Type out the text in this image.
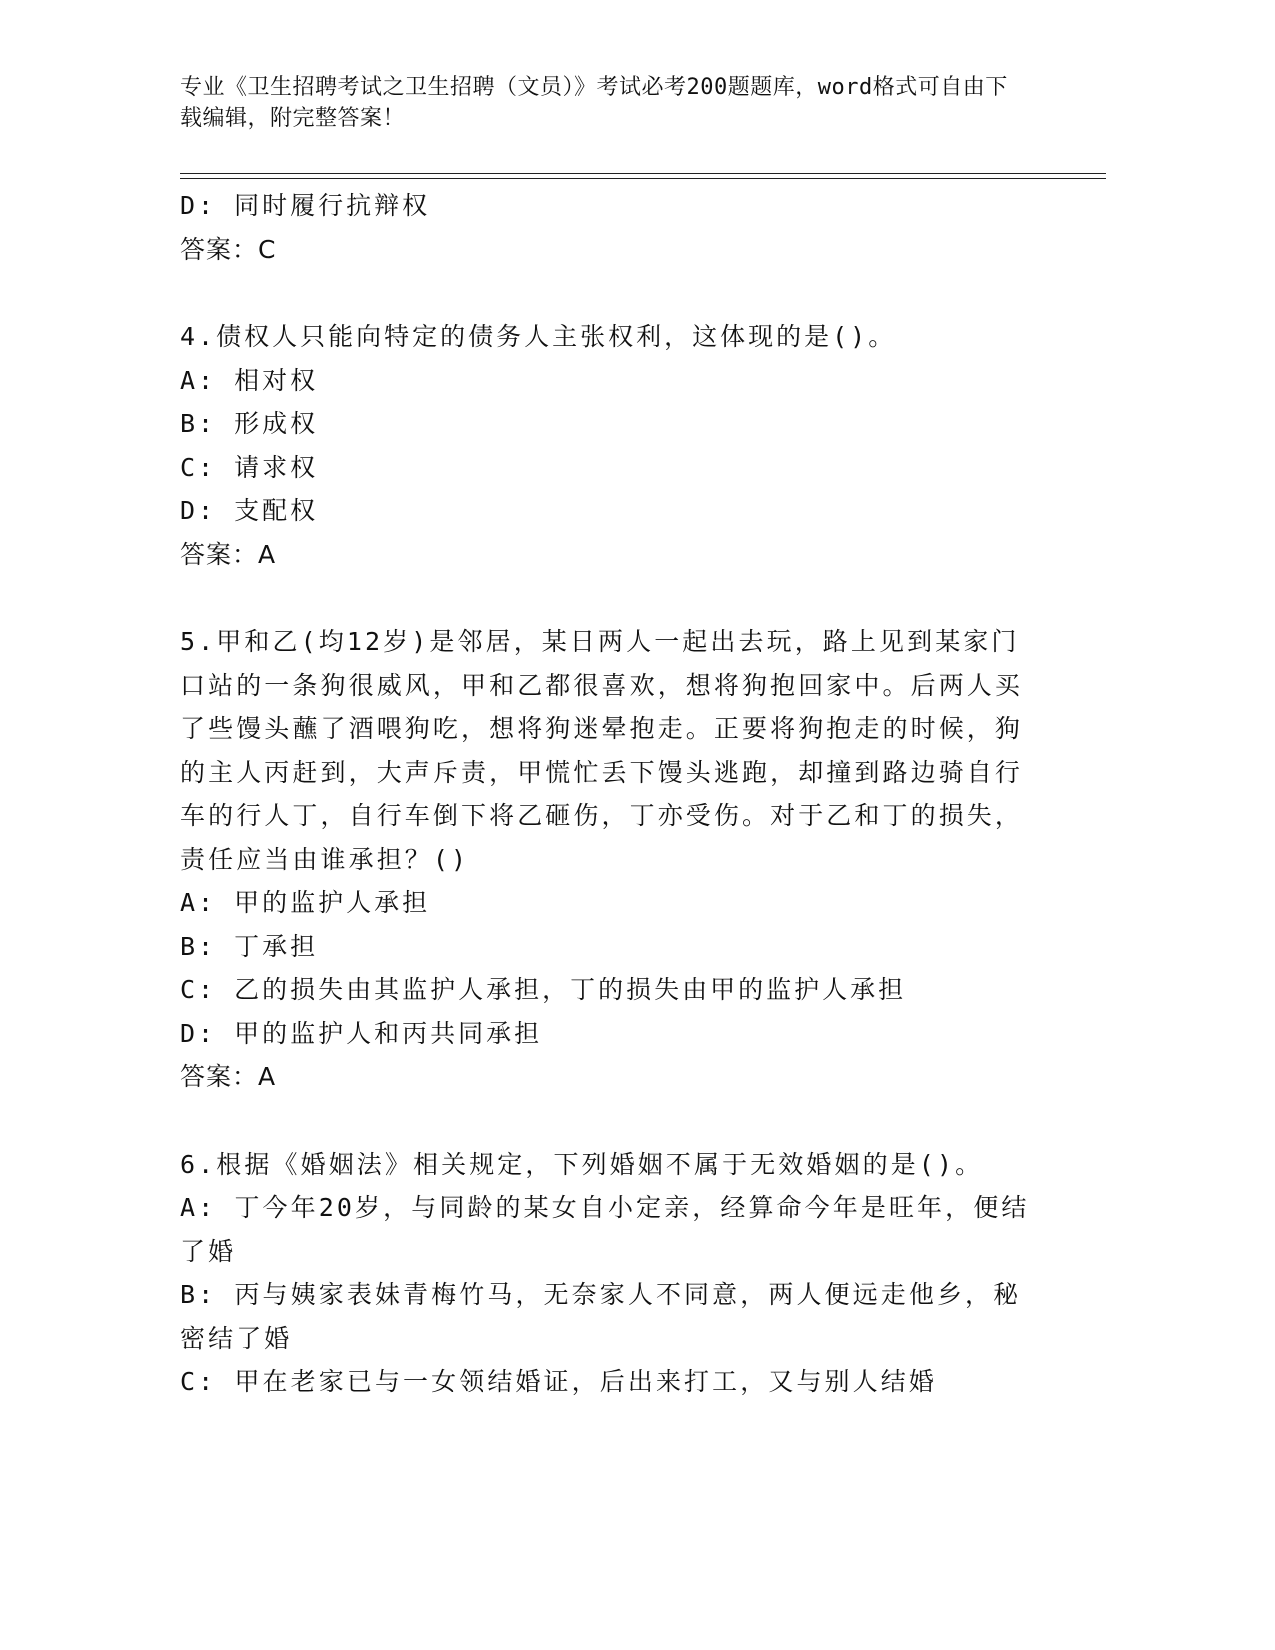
专业《卫生招聘考试之卫生招聘（文员）》考试必考200题题库，word格式可自由下载编辑，附完整答案！
D: 同时履行抗辩权
答案：C
4.债权人只能向特定的债务人主张权利，这体现的是()。
A: 相对权
B: 形成权
C: 请求权
D: 支配权
答案：A
5.甲和乙(均12岁)是邻居，某日两人一起出去玩，路上见到某家门口站的一条狗很威风，甲和乙都很喜欢，想将狗抱回家中。后两人买了些馒头蘸了酒喂狗吃，想将狗迷晕抱走。正要将狗抱走的时候，狗的主人丙赶到，大声斥责，甲慌忙丢下馒头逃跑，却撞到路边骑自行车的行人丁，自行车倒下将乙砸伤，丁亦受伤。对于乙和丁的损失，责任应当由谁承担？()
A: 甲的监护人承担
B: 丁承担
C: 乙的损失由其监护人承担，丁的损失由甲的监护人承担
D: 甲的监护人和丙共同承担
答案：A
6.根据《婚姻法》相关规定，下列婚姻不属于无效婚姻的是()。
A: 丁今年20岁，与同龄的某女自小定亲，经算命今年是旺年，便结了婚
B: 丙与姨家表妹青梅竹马，无奈家人不同意，两人便远走他乡，秘密结了婚
C: 甲在老家已与一女领结婚证，后出来打工，又与别人结婚
